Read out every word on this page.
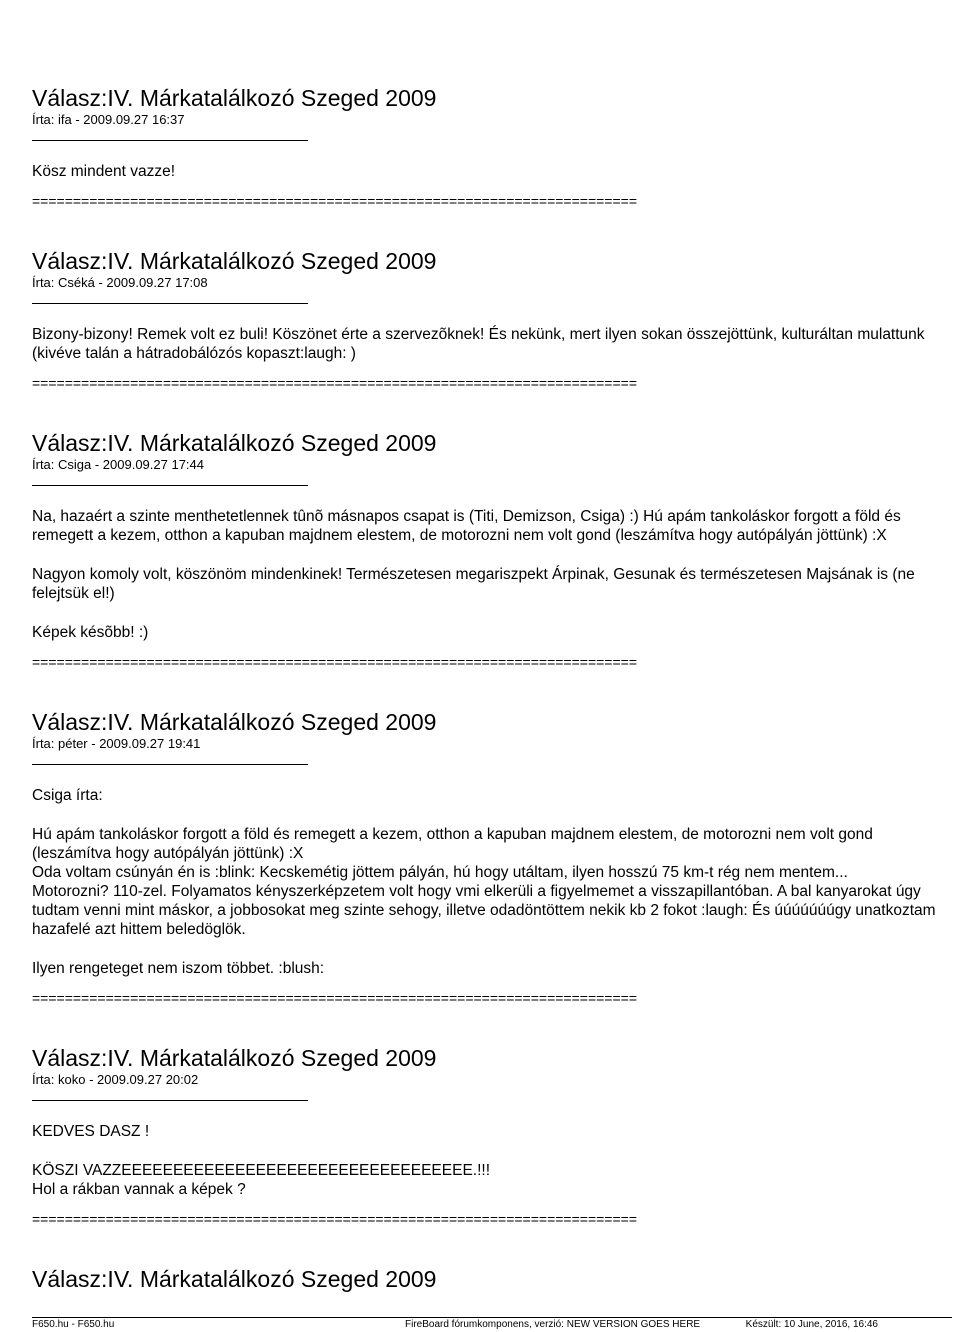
Válasz:IV. Márkatalálkozó Szeged 2009
Írta: ifa - 2009.09.27 16:37

Kösz mindent vazze!

==========================================================================
Válasz:IV. Márkatalálkozó Szeged 2009
Írta: Cséká - 2009.09.27 17:08

Bizony-bizony! Remek volt ez buli! Köszönet érte a szervezõknek! És nekünk, mert ilyen sokan összejöttünk, kulturáltan mulattunk (kivéve talán a hátradobálózós kopaszt:laugh: )

==========================================================================
Válasz:IV. Márkatalálkozó Szeged 2009
Írta: Csiga - 2009.09.27 17:44

Na, hazaért a szinte menthetetlennek tûnõ másnapos csapat is (Titi, Demizson, Csiga) :) Hú apám tankoláskor forgott a föld és remegett a kezem, otthon a kapuban majdnem elestem, de motorozni nem volt gond (leszámítva hogy autópályán jöttünk) :X

Nagyon komoly volt, köszönöm mindenkinek! Természetesen megariszpekt Árpinak, Gesunak és természetesen Majsának is (ne felejtsük el!)

Képek késõbb! :)

==========================================================================
Válasz:IV. Márkatalálkozó Szeged 2009
Írta: péter - 2009.09.27 19:41

Csiga írta:

Hú apám tankoláskor forgott a föld és remegett a kezem, otthon a kapuban majdnem elestem, de motorozni nem volt gond (leszámítva hogy autópályán jöttünk) :X

Oda voltam csúnyán én is :blink: Kecskemétig jöttem pályán, hú hogy utáltam, ilyen hosszú 75 km-t rég nem mentem...

Motorozni? 110-zel. Folyamatos kényszerképzetem volt hogy vmi elkerüli a figyelmemet a visszapillantóban. A bal kanyarokat úgy tudtam venni mint máskor, a jobbosokat meg szinte sehogy, illetve odadöntöttem nekik kb 2 fokot :laugh: És úúúúúúúgy unatkoztam hazafelé azt hittem beledöglök.

Ilyen rengeteget nem iszom többet. :blush:

==========================================================================
Válasz:IV. Márkatalálkozó Szeged 2009
Írta: koko - 2009.09.27 20:02

KEDVES DASZ !

KÖSZI VAZZEEEEEEEEEEEEEEEEEEEEEEEEEEEEEEEEEE.!!!

Hol a rákban vannak a képek ?

==========================================================================
Válasz:IV. Márkatalálkozó Szeged 2009
F650.hu - F650.hu	FireBoard fórumkomponens, verzió: NEW VERSION GOES HERE	Készült: 10 June, 2016, 16:46
